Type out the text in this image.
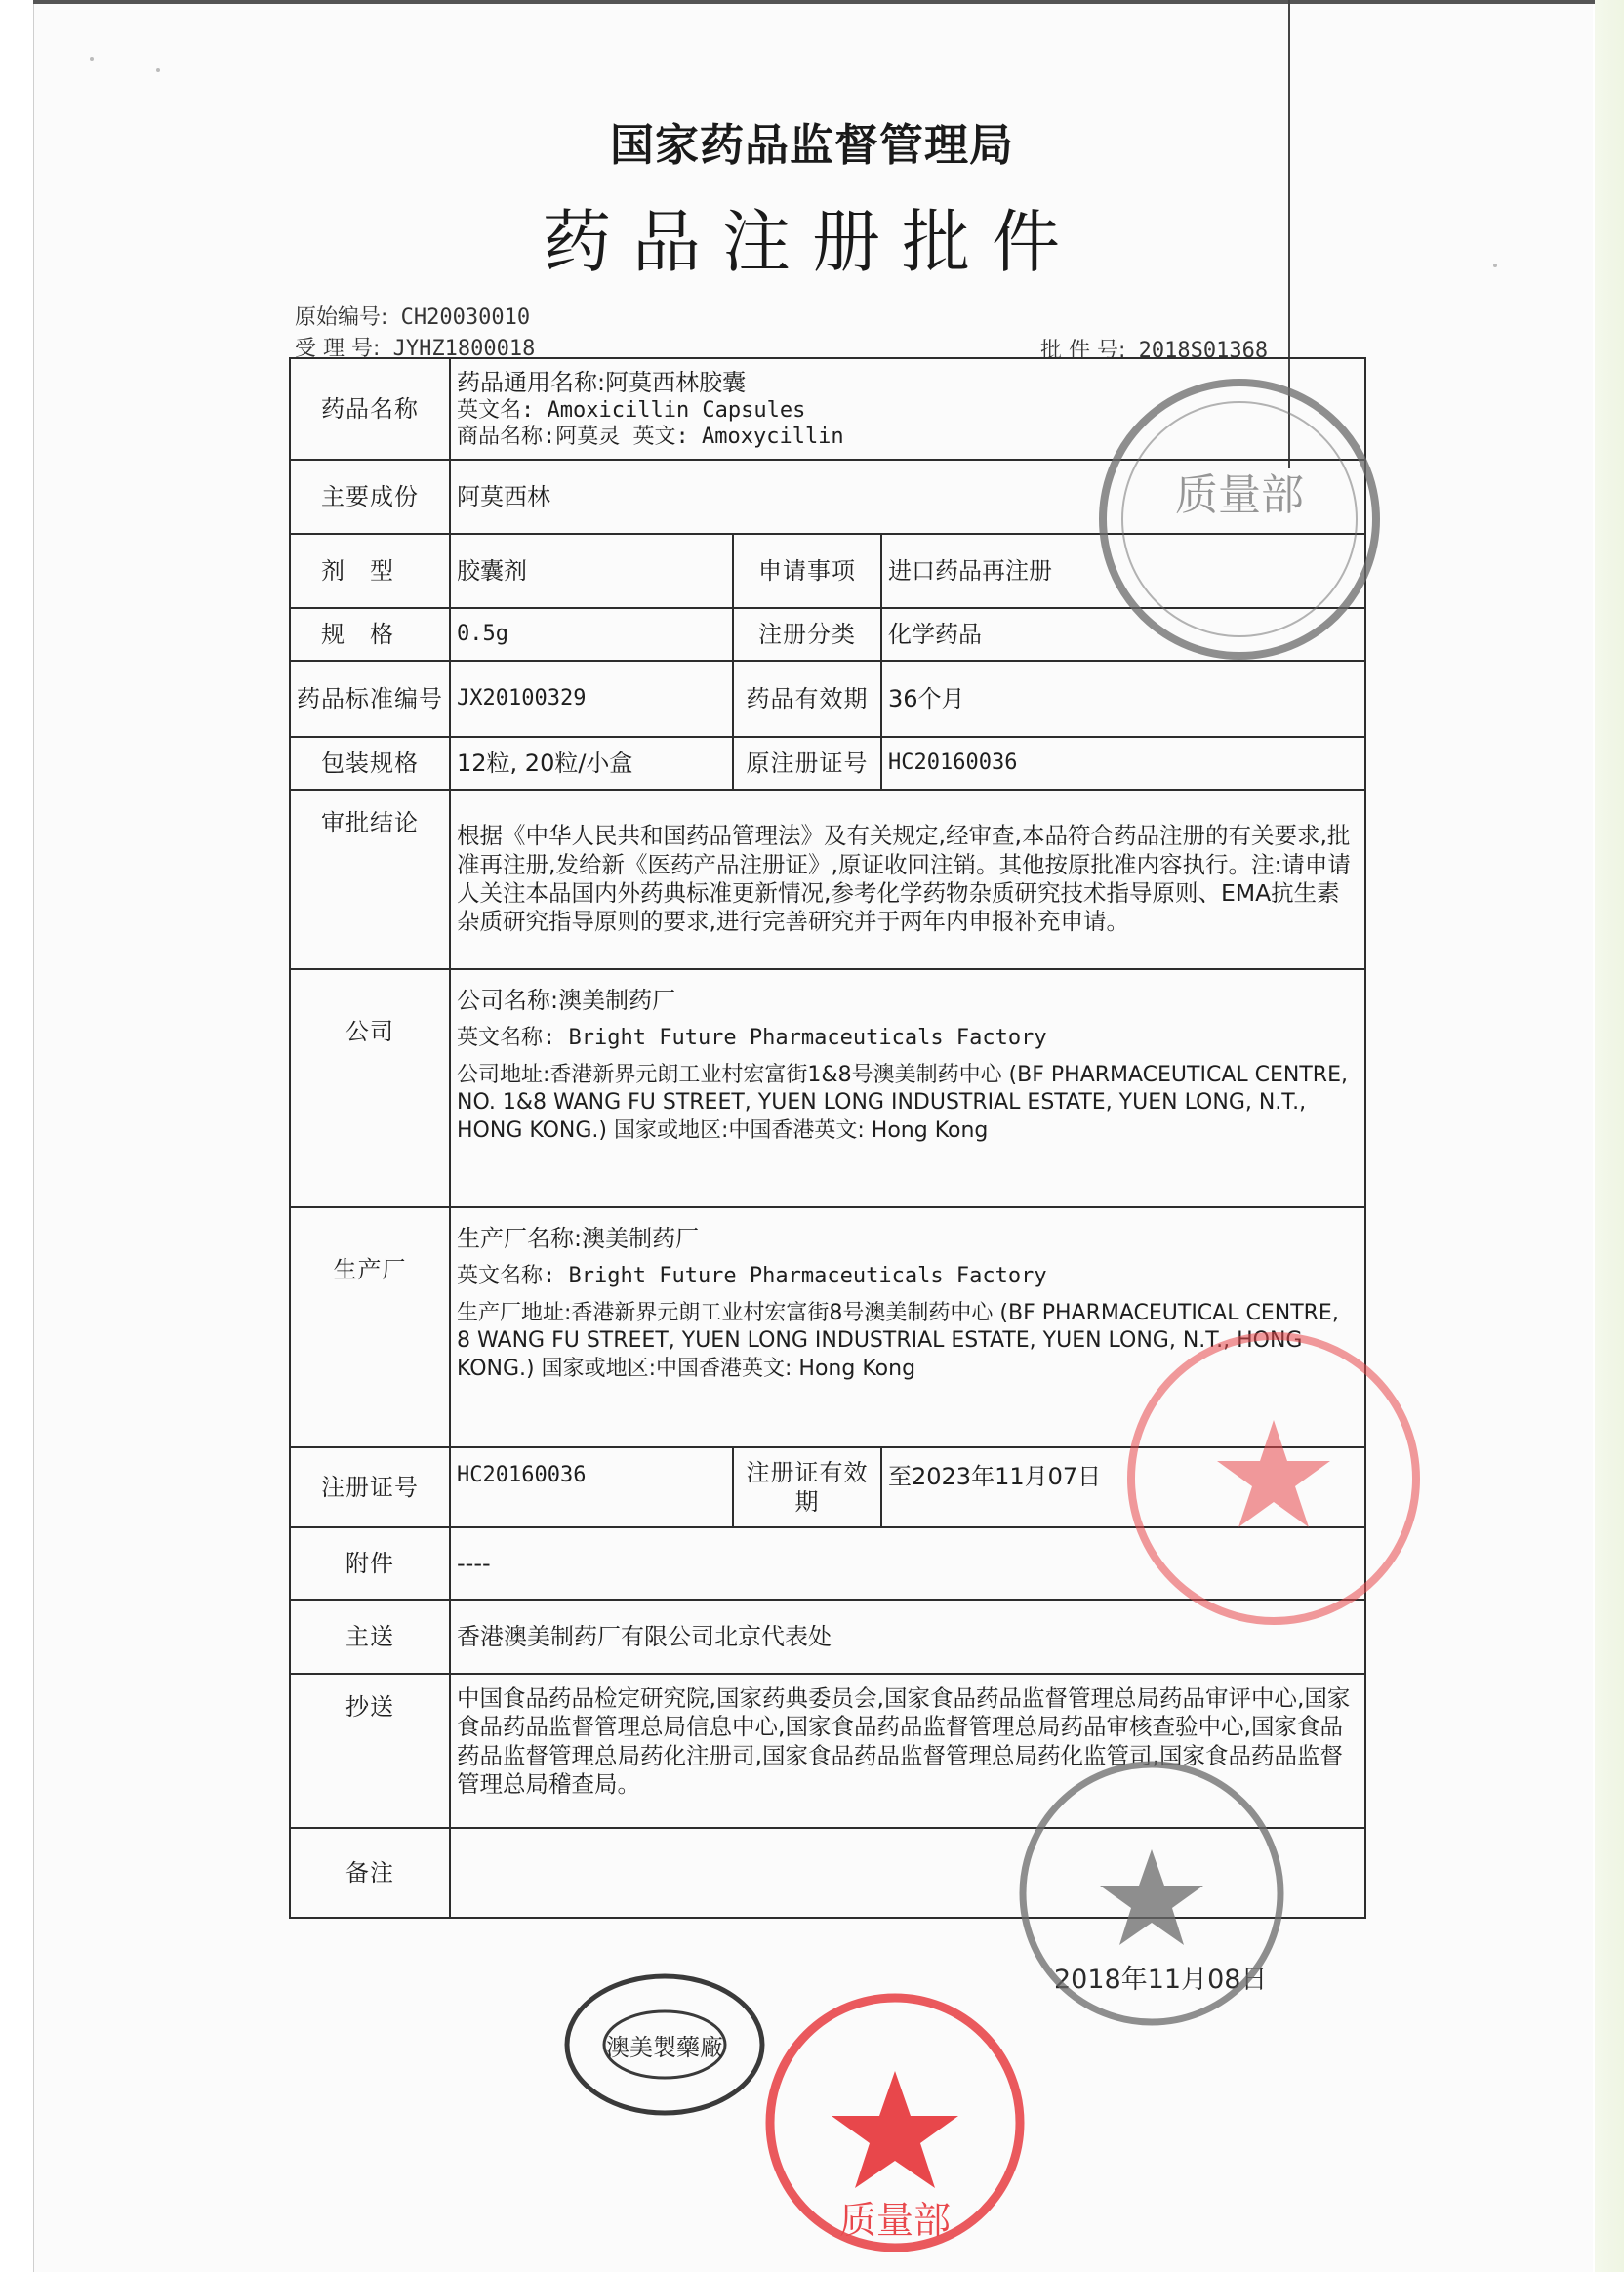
国家药品监督管理局
药品注册批件
原始编号: CH20030010
受 理 号: JYHZ1800018	批 件 号: 2018S01368
药品名称	药品通用名称:阿莫西林胶囊
英文名: Amoxicillin Capsules
商品名称:阿莫灵 英文: Amoxycillin		

主要成份	阿莫西林		
剂型	胶囊剂	申请事项	进口药品再注册
规格	0.5g	注册分类	化学药品
药品标准编号	JX20100329	药品有效期	36个月
包装规格	12粒, 20粒/小盒	原注册证号	HC20160036
审批结论	根据《中华人民共和国药品管理法》及有关规定,经审查,本品符合药品注册的有关要求,批准再注册,发给新《医药产品注册证》,原证收回注销。其他按原批准内容执行。注:请申请人关注本品国内外药典标准更新情况,参考化学药物杂质研究技术指导原则、EMA抗生素杂质研究指导原则的要求,进行完善研究并于两年内申报补充申请。		
公司	公司名称:澳美制药厂
英文名称: Bright Future Pharmaceuticals Factory
公司地址:香港新界元朗工业村宏富街1&8号澳美制药中心 (BF PHARMACEUTICAL CENTRE, NO. 1&8 WANG FU STREET, YUEN LONG INDUSTRIAL ESTATE, YUEN LONG, N.T., HONG KONG.) 国家或地区:中国香港英文: Hong Kong		

生产厂	生产厂名称:澳美制药厂
英文名称: Bright Future Pharmaceuticals Factory
生产厂地址:香港新界元朗工业村宏富街8号澳美制药中心 (BF PHARMACEUTICAL CENTRE, 8 WANG FU STREET, YUEN LONG INDUSTRIAL ESTATE, YUEN LONG, N.T., HONG KONG.) 国家或地区:中国香港英文: Hong Kong		

注册证号	HC20160036	注册证有效期	至2023年11月07日
附件	----		
主送	香港澳美制药厂有限公司北京代表处		
抄送	中国食品药品检定研究院,国家药典委员会,国家食品药品监督管理总局药品审评中心,国家食品药品监督管理总局信息中心,国家食品药品监督管理总局药品审核查验中心,国家食品药品监督管理总局药化注册司,国家食品药品监督管理总局药化监管司,国家食品药品监督管理总局稽查局。		
备注			
2018年11月08日
质量部
澳美製藥廠
质量部
